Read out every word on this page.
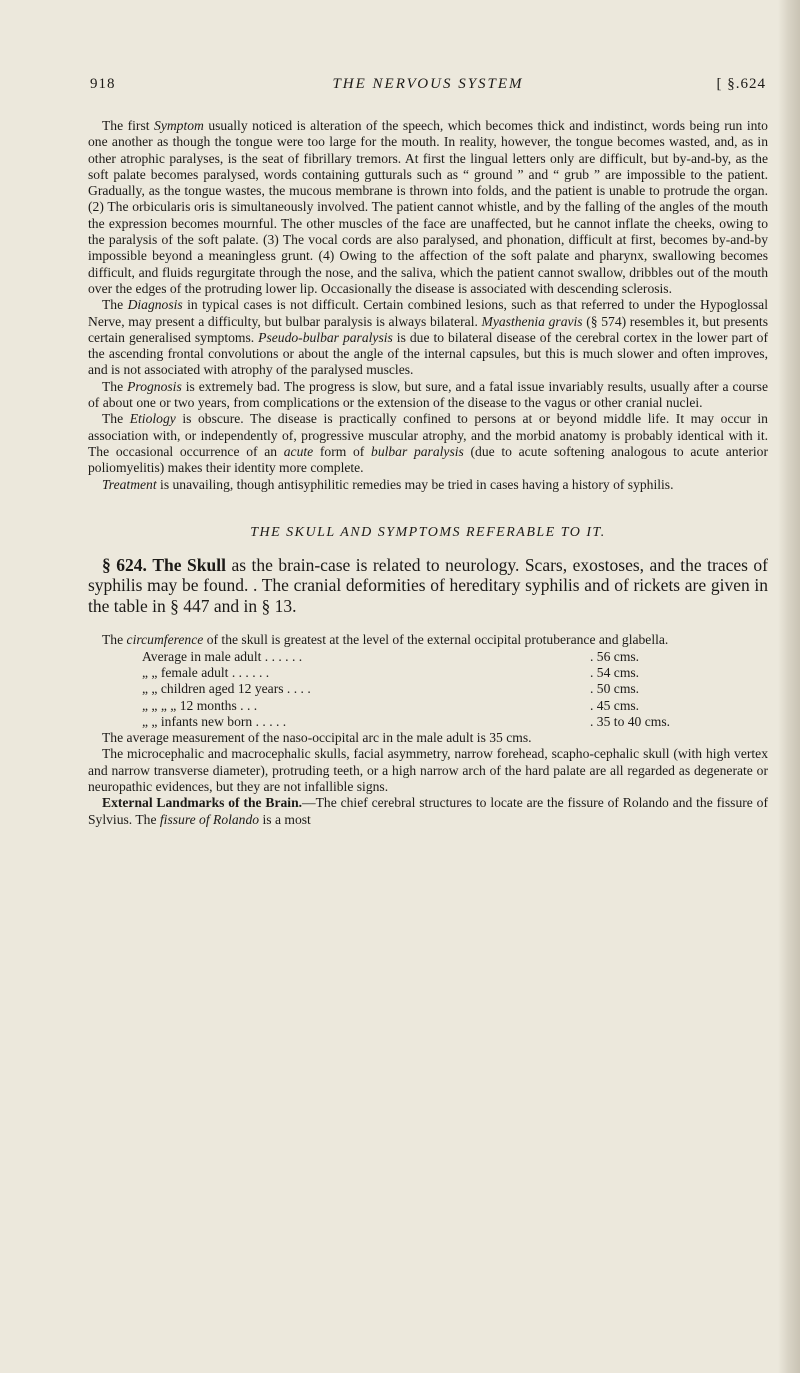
918	THE NERVOUS SYSTEM	[ §.624

The first Symptom usually noticed is alteration of the speech, which becomes thick and indistinct, words being run into one another as though the tongue were too large for the mouth. In reality, however, the tongue becomes wasted, and, as in other atrophic paralyses, is the seat of fibrillary tremors. At first the lingual letters only are difficult, but by-and-by, as the soft palate becomes paralysed, words containing gutturals such as “ ground ” and “ grub ” are impossible to the patient. Gradually, as the tongue wastes, the mucous membrane is thrown into folds, and the patient is unable to protrude the organ. (2) The orbicularis oris is simultaneously involved. The patient cannot whistle, and by the falling of the angles of the mouth the expression becomes mournful. The other muscles of the face are unaffected, but he cannot inflate the cheeks, owing to the paralysis of the soft palate. (3) The vocal cords are also paralysed, and phonation, difficult at first, becomes by-and-by impossible beyond a meaningless grunt. (4) Owing to the affection of the soft palate and pharynx, swallowing becomes difficult, and fluids regurgitate through the nose, and the saliva, which the patient cannot swallow, dribbles out of the mouth over the edges of the protruding lower lip. Occasionally the disease is associated with descending sclerosis.

The Diagnosis in typical cases is not difficult. Certain combined lesions, such as that referred to under the Hypoglossal Nerve, may present a difficulty, but bulbar paralysis is always bilateral. Myasthenia gravis (§ 574) resembles it, but presents certain generalised symptoms. Pseudo-bulbar paralysis is due to bilateral disease of the cerebral cortex in the lower part of the ascending frontal convolutions or about the angle of the internal capsules, but this is much slower and often improves, and is not associated with atrophy of the paralysed muscles.

The Prognosis is extremely bad. The progress is slow, but sure, and a fatal issue invariably results, usually after a course of about one or two years, from complications or the extension of the disease to the vagus or other cranial nuclei.

The Etiology is obscure. The disease is practically confined to persons at or beyond middle life. It may occur in association with, or independently of, progressive muscular atrophy, and the morbid anatomy is probably identical with it. The occasional occurrence of an acute form of bulbar paralysis (due to acute softening analogous to acute anterior poliomyelitis) makes their identity more complete.

Treatment is unavailing, though antisyphilitic remedies may be tried in cases having a history of syphilis.

THE SKULL AND SYMPTOMS REFERABLE TO IT.

§ 624. The Skull as the brain-case is related to neurology. Scars, exostoses, and the traces of syphilis may be found. . The cranial deformities of hereditary syphilis and of rickets are given in the table in § 447 and in § 13.

The circumference of the skull is greatest at the level of the external occipital protuberance and glabella.

Average in male adult . . . . . .	. 56 cms.
„ „ female adult . . . . . .	. 54 cms.
„ „ children aged 12 years . . . .	. 50 cms.
„ „ „ „ 12 months . . .	. 45 cms.
„ „ infants new born . . . . .	. 35 to 40 cms.

The average measurement of the naso-occipital arc in the male adult is 35 cms.

The microcephalic and macrocephalic skulls, facial asymmetry, narrow forehead, scapho-cephalic skull (with high vertex and narrow transverse diameter), protruding teeth, or a high narrow arch of the hard palate are all regarded as degenerate or neuropathic evidences, but they are not infallible signs.

External Landmarks of the Brain.—The chief cerebral structures to locate are the fissure of Rolando and the fissure of Sylvius. The fissure of Rolando is a most
